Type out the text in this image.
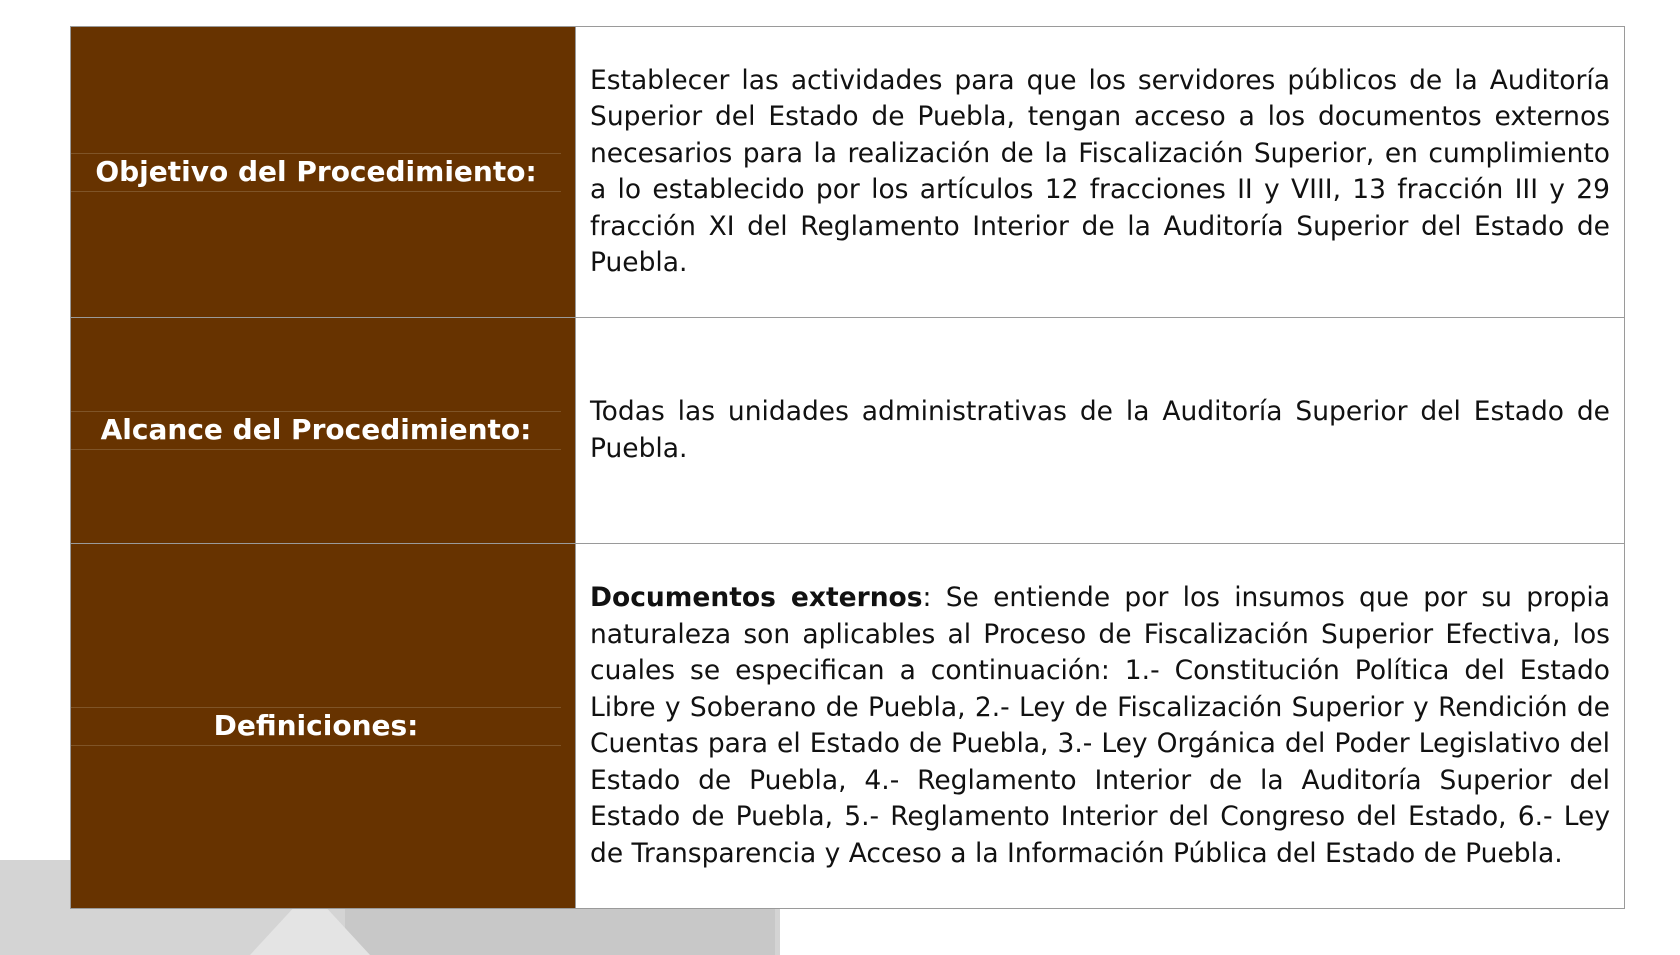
Objetivo del Procedimiento:	Establecer las actividades para que los servidores públicos de la Auditoría Superior del Estado de Puebla, tengan acceso a los documentos externos necesarios para la realización de la Fiscalización Superior, en cumplimiento a lo establecido por los artículos 12 fracciones II y VIII, 13 fracción III y 29 fracción XI del Reglamento Interior de la Auditoría Superior del Estado de Puebla.

Alcance del Procedimiento:	Todas las unidades administrativas de la Auditoría Superior del Estado de Puebla.

Definiciones:	Documentos externos: Se entiende por los insumos que por su propia naturaleza son aplicables al Proceso de Fiscalización Superior Efectiva, los cuales se especifican a continuación: 1.- Constitución Política del Estado Libre y Soberano de Puebla, 2.- Ley de Fiscalización Superior y Rendición de Cuentas para el Estado de Puebla, 3.- Ley Orgánica del Poder Legislativo del Estado de Puebla, 4.- Reglamento Interior de la Auditoría Superior del Estado de Puebla, 5.- Reglamento Interior del Congreso del Estado, 6.- Ley de Transparencia y Acceso a la Información Pública del Estado de Puebla.
